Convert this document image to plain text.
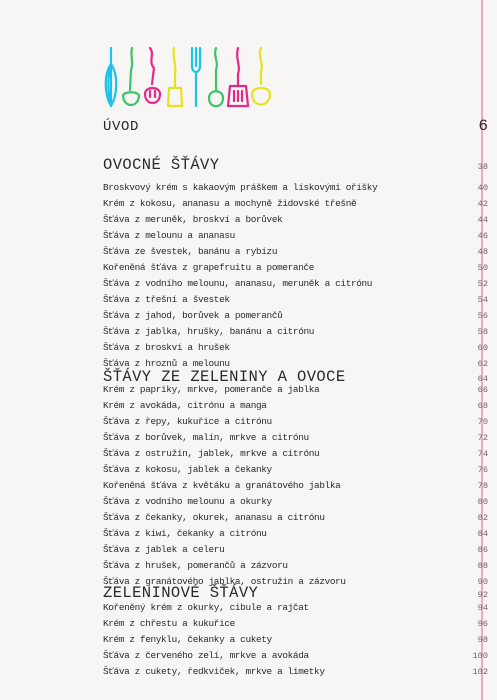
ÚVOD	6
OVOCNÉ ŠŤÁVY	38
Broskvový krém s kakaovým práškem a lískovými oříšky	40
Krém z kokosu, ananasu a mochyně židovské třešně	42
Šťáva z meruněk, broskví a borůvek	44
Šťáva z melounu a ananasu	46
Šťáva ze švestek, banánu a rybízu	48
Kořeněná šťáva z grapefruitu a pomeranče	50
Šťáva z vodního melounu, ananasu, meruněk a citrónu	52
Šťáva z třešní a švestek	54
Šťáva z jahod, borůvek a pomerančů	56
Šťáva z jablka, hrušky, banánu a citrónu	58
Šťáva z broskví a hrušek	60
Šťáva z hroznů a melounu	62
ŠŤÁVY ZE ZELENINY A OVOCE	64
Krém z papriky, mrkve, pomeranče a jablka	66
Krém z avokáda, citrónu a manga	68
Šťáva z řepy, kukuřice a citrónu	70
Šťáva z borůvek, malin, mrkve a citrónu	72
Šťáva z ostružin, jablek, mrkve a citrónu	74
Šťáva z kokosu, jablek a čekanky	76
Kořeněná šťáva z květáku a granátového jablka	78
Šťáva z vodního melounu a okurky	80
Šťáva z čekanky, okurek, ananasu a citrónu	82
Šťáva z kiwi, čekanky a citrónu	84
Šťáva z jablek a celeru	86
Šťáva z hrušek, pomerančů a zázvoru	88
Šťáva z granátového jablka, ostružin a zázvoru	90
ZELENINOVÉ ŠŤÁVY	92
Kořeněný krém z okurky, cibule a rajčat	94
Krém z chřestu a kukuřice	96
Krém z fenyklu, čekanky a cukety	98
Šťáva z červeného zelí, mrkve a avokáda	100
Šťáva z cukety, ředkviček, mrkve a limetky	102
